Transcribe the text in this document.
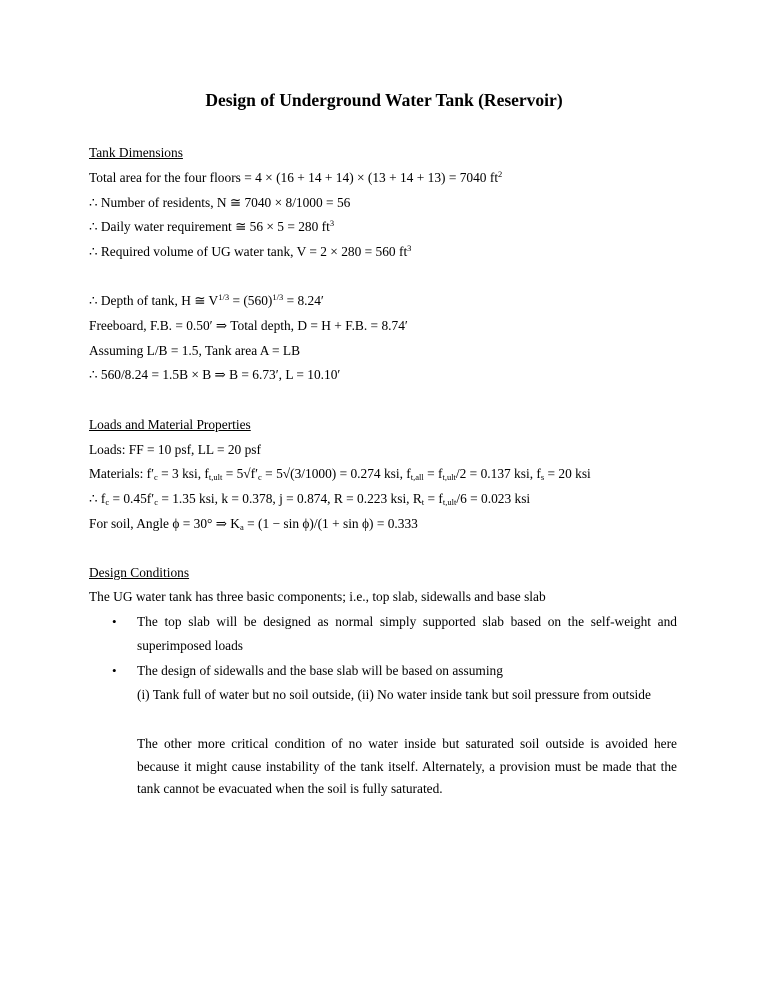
Design of Underground Water Tank (Reservoir)
Tank Dimensions
Total area for the four floors = 4 × (16 + 14 + 14) × (13 + 14 + 13) = 7040 $ft^2$
∴ Number of residents, N ≅ 7040 × 8/1000 = 56
∴ Daily water requirement ≅ 56 × 5 = 280 $ft^3$
∴ Required volume of UG water tank, V = 2 × 280 = 560 $ft^3$
∴ Depth of tank, H ≅ $V^{1/3} = (560)^{1/3} = 8.24'$
Freeboard, F.B. = 0.50′ ⇒ Total depth, D = H + F.B. = 8.74′
Assuming L/B = 1.5, Tank area A = LB
∴ 560/8.24 = 1.5B × B ⇒ B = 6.73′, L = 10.10′
Loads and Material Properties
Loads: FF = 10 psf, LL = 20 psf
Materials: $f'_c = 3$ ksi, $f_{t,ult} = 5√f'_c = 5√(3/1000) = 0.274$ ksi, $f_{t,all} = f_{t,ult}/2 = 0.137$ ksi, $f_s = 20$ ksi
∴ $f_c = 0.45f'_c = 1.35$ ksi, k = 0.378, j = 0.874, R = 0.223 ksi, $R_t = f_{t,ult}/6 = 0.023$ ksi
For soil, Angle ϕ = 30° ⇒ $K_a = (1 - \sin \phi)/(1 + \sin \phi) = 0.333$
Design Conditions
The UG water tank has three basic components; i.e., top slab, sidewalls and base slab
• The top slab will be designed as normal simply supported slab based on the self-weight and
superimposed loads
• The design of sidewalls and the base slab will be based on assuming
(i) Tank full of water but no soil outside, (ii) No water inside tank but soil pressure from outside
The other more critical condition of no water inside but saturated soil outside is avoided here because it might cause instability of the tank itself. Alternately, a provision must be made that the tank cannot be evacuated when the soil is fully saturated.
